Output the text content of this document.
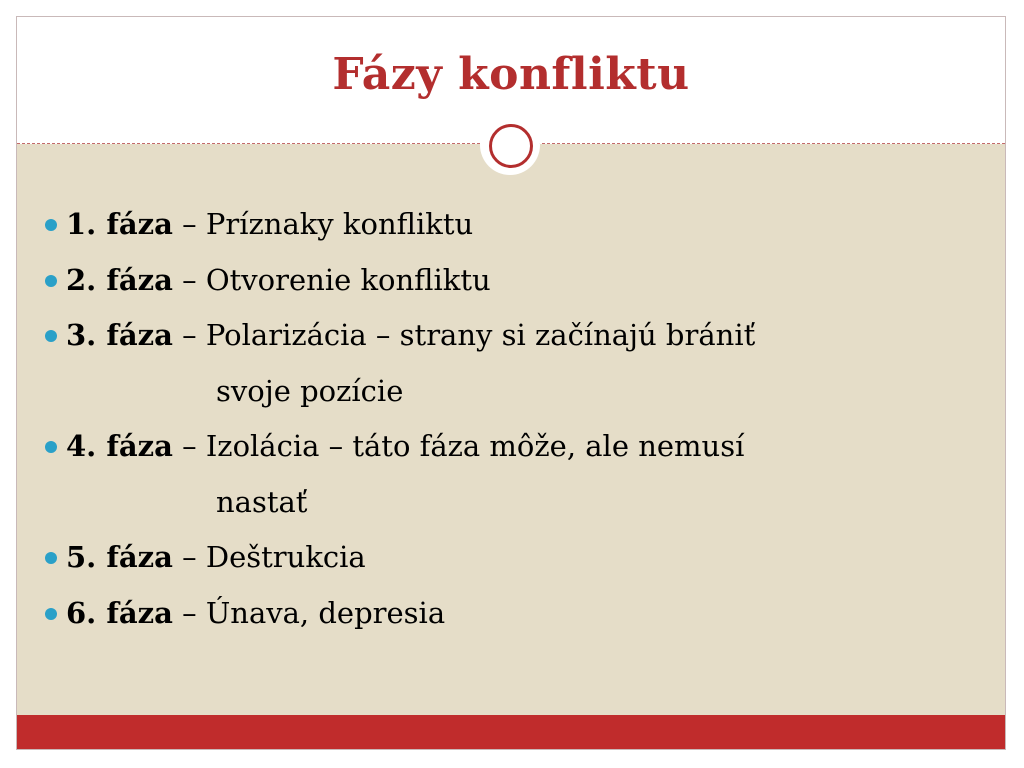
Fázy konfliktu
1. fáza – Príznaky konfliktu
2. fáza – Otvorenie konfliktu
3. fáza – Polarizácia – strany si začínajú brániť
svoje pozície
4. fáza – Izolácia – táto fáza môže, ale nemusí
nastať
5. fáza – Deštrukcia
6. fáza – Únava, depresia
